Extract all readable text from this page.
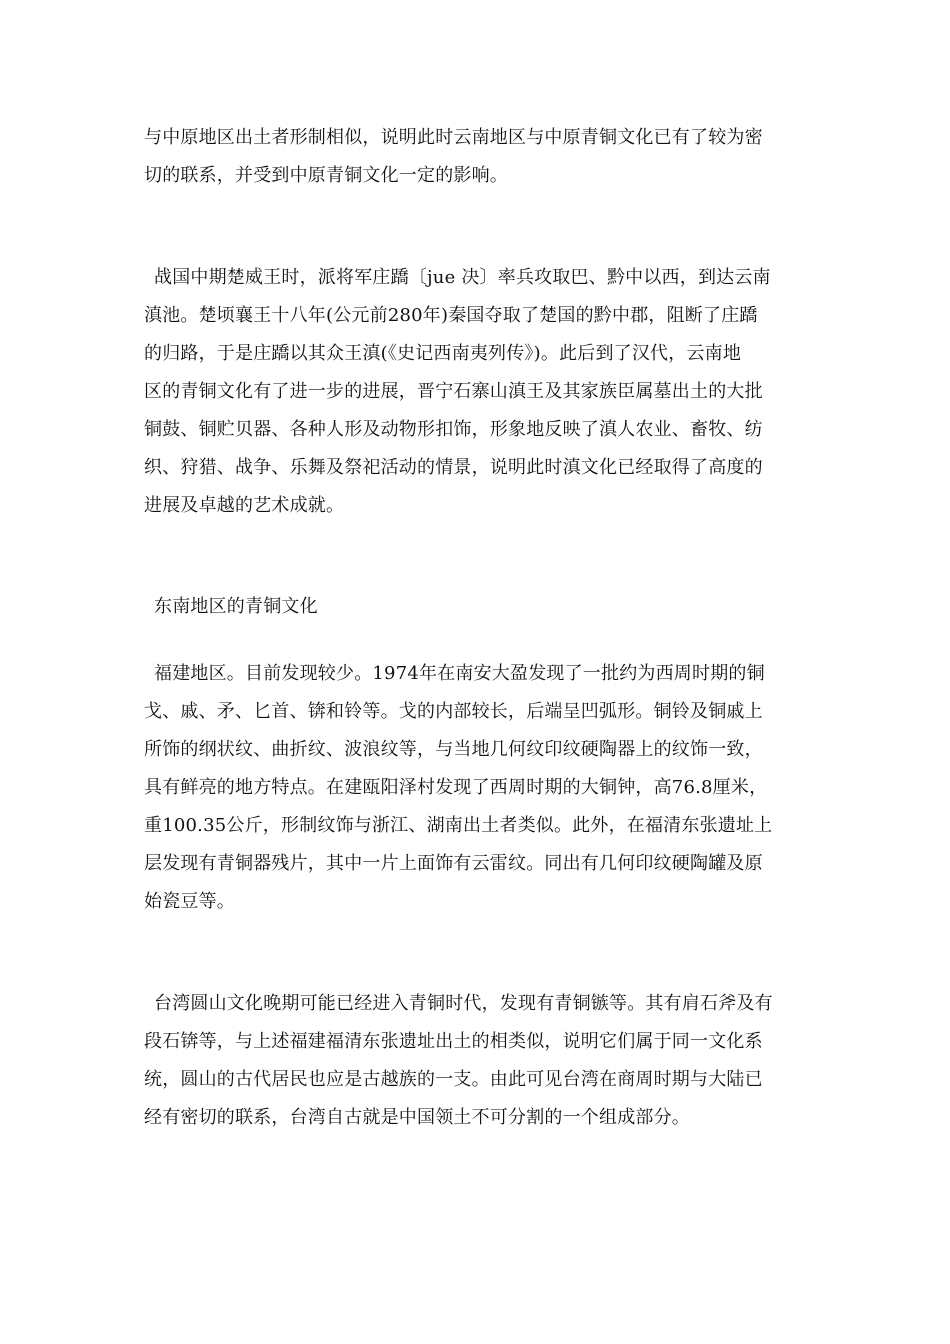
与中原地区出土者形制相似，说明此时云南地区与中原青铜文化已有了较为密

切的联系，并受到中原青铜文化一定的影响。

战国中期楚威王时，派将军庄蹻〔jue 决〕率兵攻取巴、黔中以西，到达云南

滇池。楚顷襄王十八年(公元前280年)秦国夺取了楚国的黔中郡，阻断了庄蹻

的归路，于是庄蹻以其众王滇(《史记西南夷列传》)。此后到了汉代，云南地

区的青铜文化有了进一步的进展，晋宁石寨山滇王及其家族臣属墓出土的大批

铜鼓、铜贮贝器、各种人形及动物形扣饰，形象地反映了滇人农业、畜牧、纺

织、狩猎、战争、乐舞及祭祀活动的情景，说明此时滇文化已经取得了高度的

进展及卓越的艺术成就。

东南地区的青铜文化

福建地区。目前发现较少。1974年在南安大盈发现了一批约为西周时期的铜

戈、戚、矛、匕首、锛和铃等。戈的内部较长，后端呈凹弧形。铜铃及铜戚上

所饰的纲状纹、曲折纹、波浪纹等，与当地几何纹印纹硬陶器上的纹饰一致，

具有鲜亮的地方特点。在建瓯阳泽村发现了西周时期的大铜钟，高76.8厘米，

重100.35公斤，形制纹饰与浙江、湖南出土者类似。此外，在福清东张遗址上

层发现有青铜器残片，其中一片上面饰有云雷纹。同出有几何印纹硬陶罐及原

始瓷豆等。

台湾圆山文化晚期可能已经进入青铜时代，发现有青铜镞等。其有肩石斧及有

段石锛等，与上述福建福清东张遗址出土的相类似，说明它们属于同一文化系

统，圆山的古代居民也应是古越族的一支。由此可见台湾在商周时期与大陆已

经有密切的联系，台湾自古就是中国领土不可分割的一个组成部分。
